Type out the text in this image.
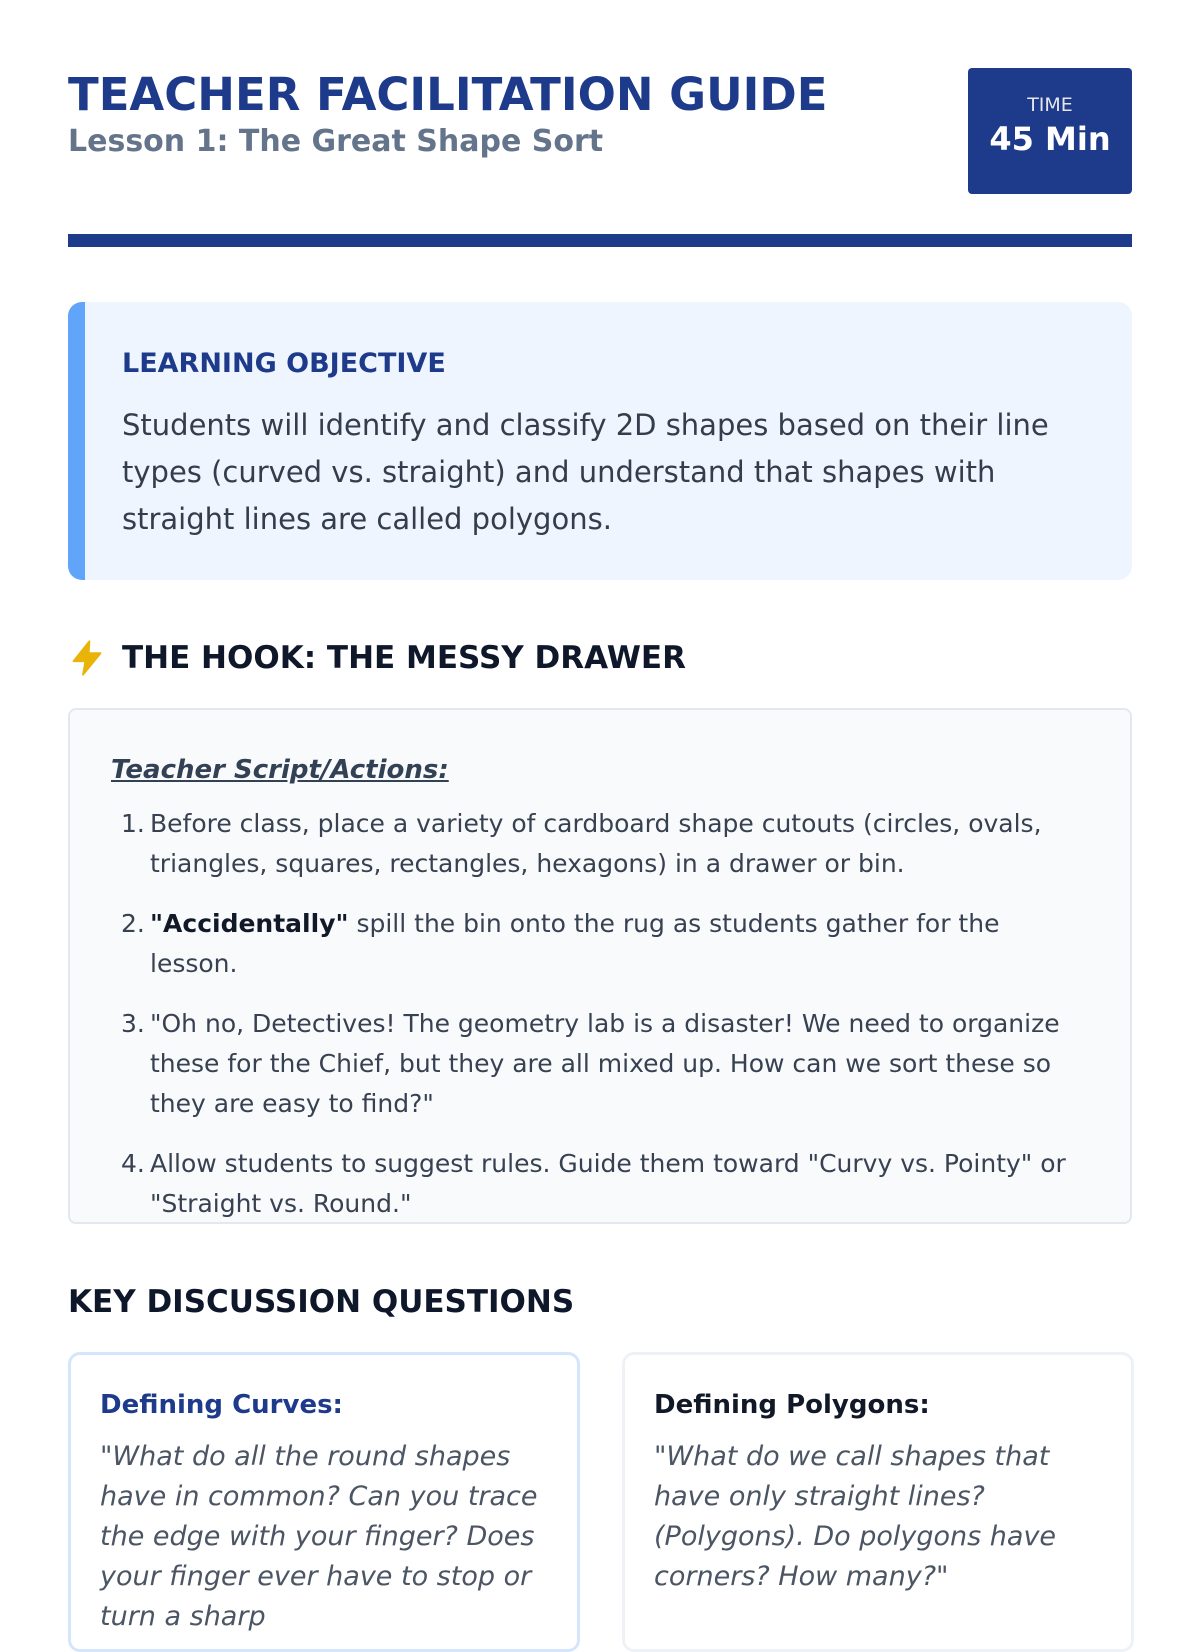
TEACHER FACILITATION GUIDE
Lesson 1: The Great Shape Sort
TIME
45 Min
LEARNING OBJECTIVE
Students will identify and classify 2D shapes based on their line types (curved vs. straight) and understand that shapes with straight lines are called polygons.
THE HOOK: THE MESSY DRAWER
Teacher Script/Actions:
1. Before class, place a variety of cardboard shape cutouts (circles, ovals, triangles, squares, rectangles, hexagons) in a drawer or bin.
2. "Accidentally" spill the bin onto the rug as students gather for the lesson.
3. "Oh no, Detectives! The geometry lab is a disaster! We need to organize these for the Chief, but they are all mixed up. How can we sort these so they are easy to find?"
4. Allow students to suggest rules. Guide them toward "Curvy vs. Pointy" or "Straight vs. Round."
KEY DISCUSSION QUESTIONS
Defining Curves:
"What do all the round shapes have in common? Can you trace the edge with your finger? Does your finger ever have to stop or turn a sharp
Defining Polygons:
"What do we call shapes that have only straight lines? (Polygons). Do polygons have corners? How many?"
